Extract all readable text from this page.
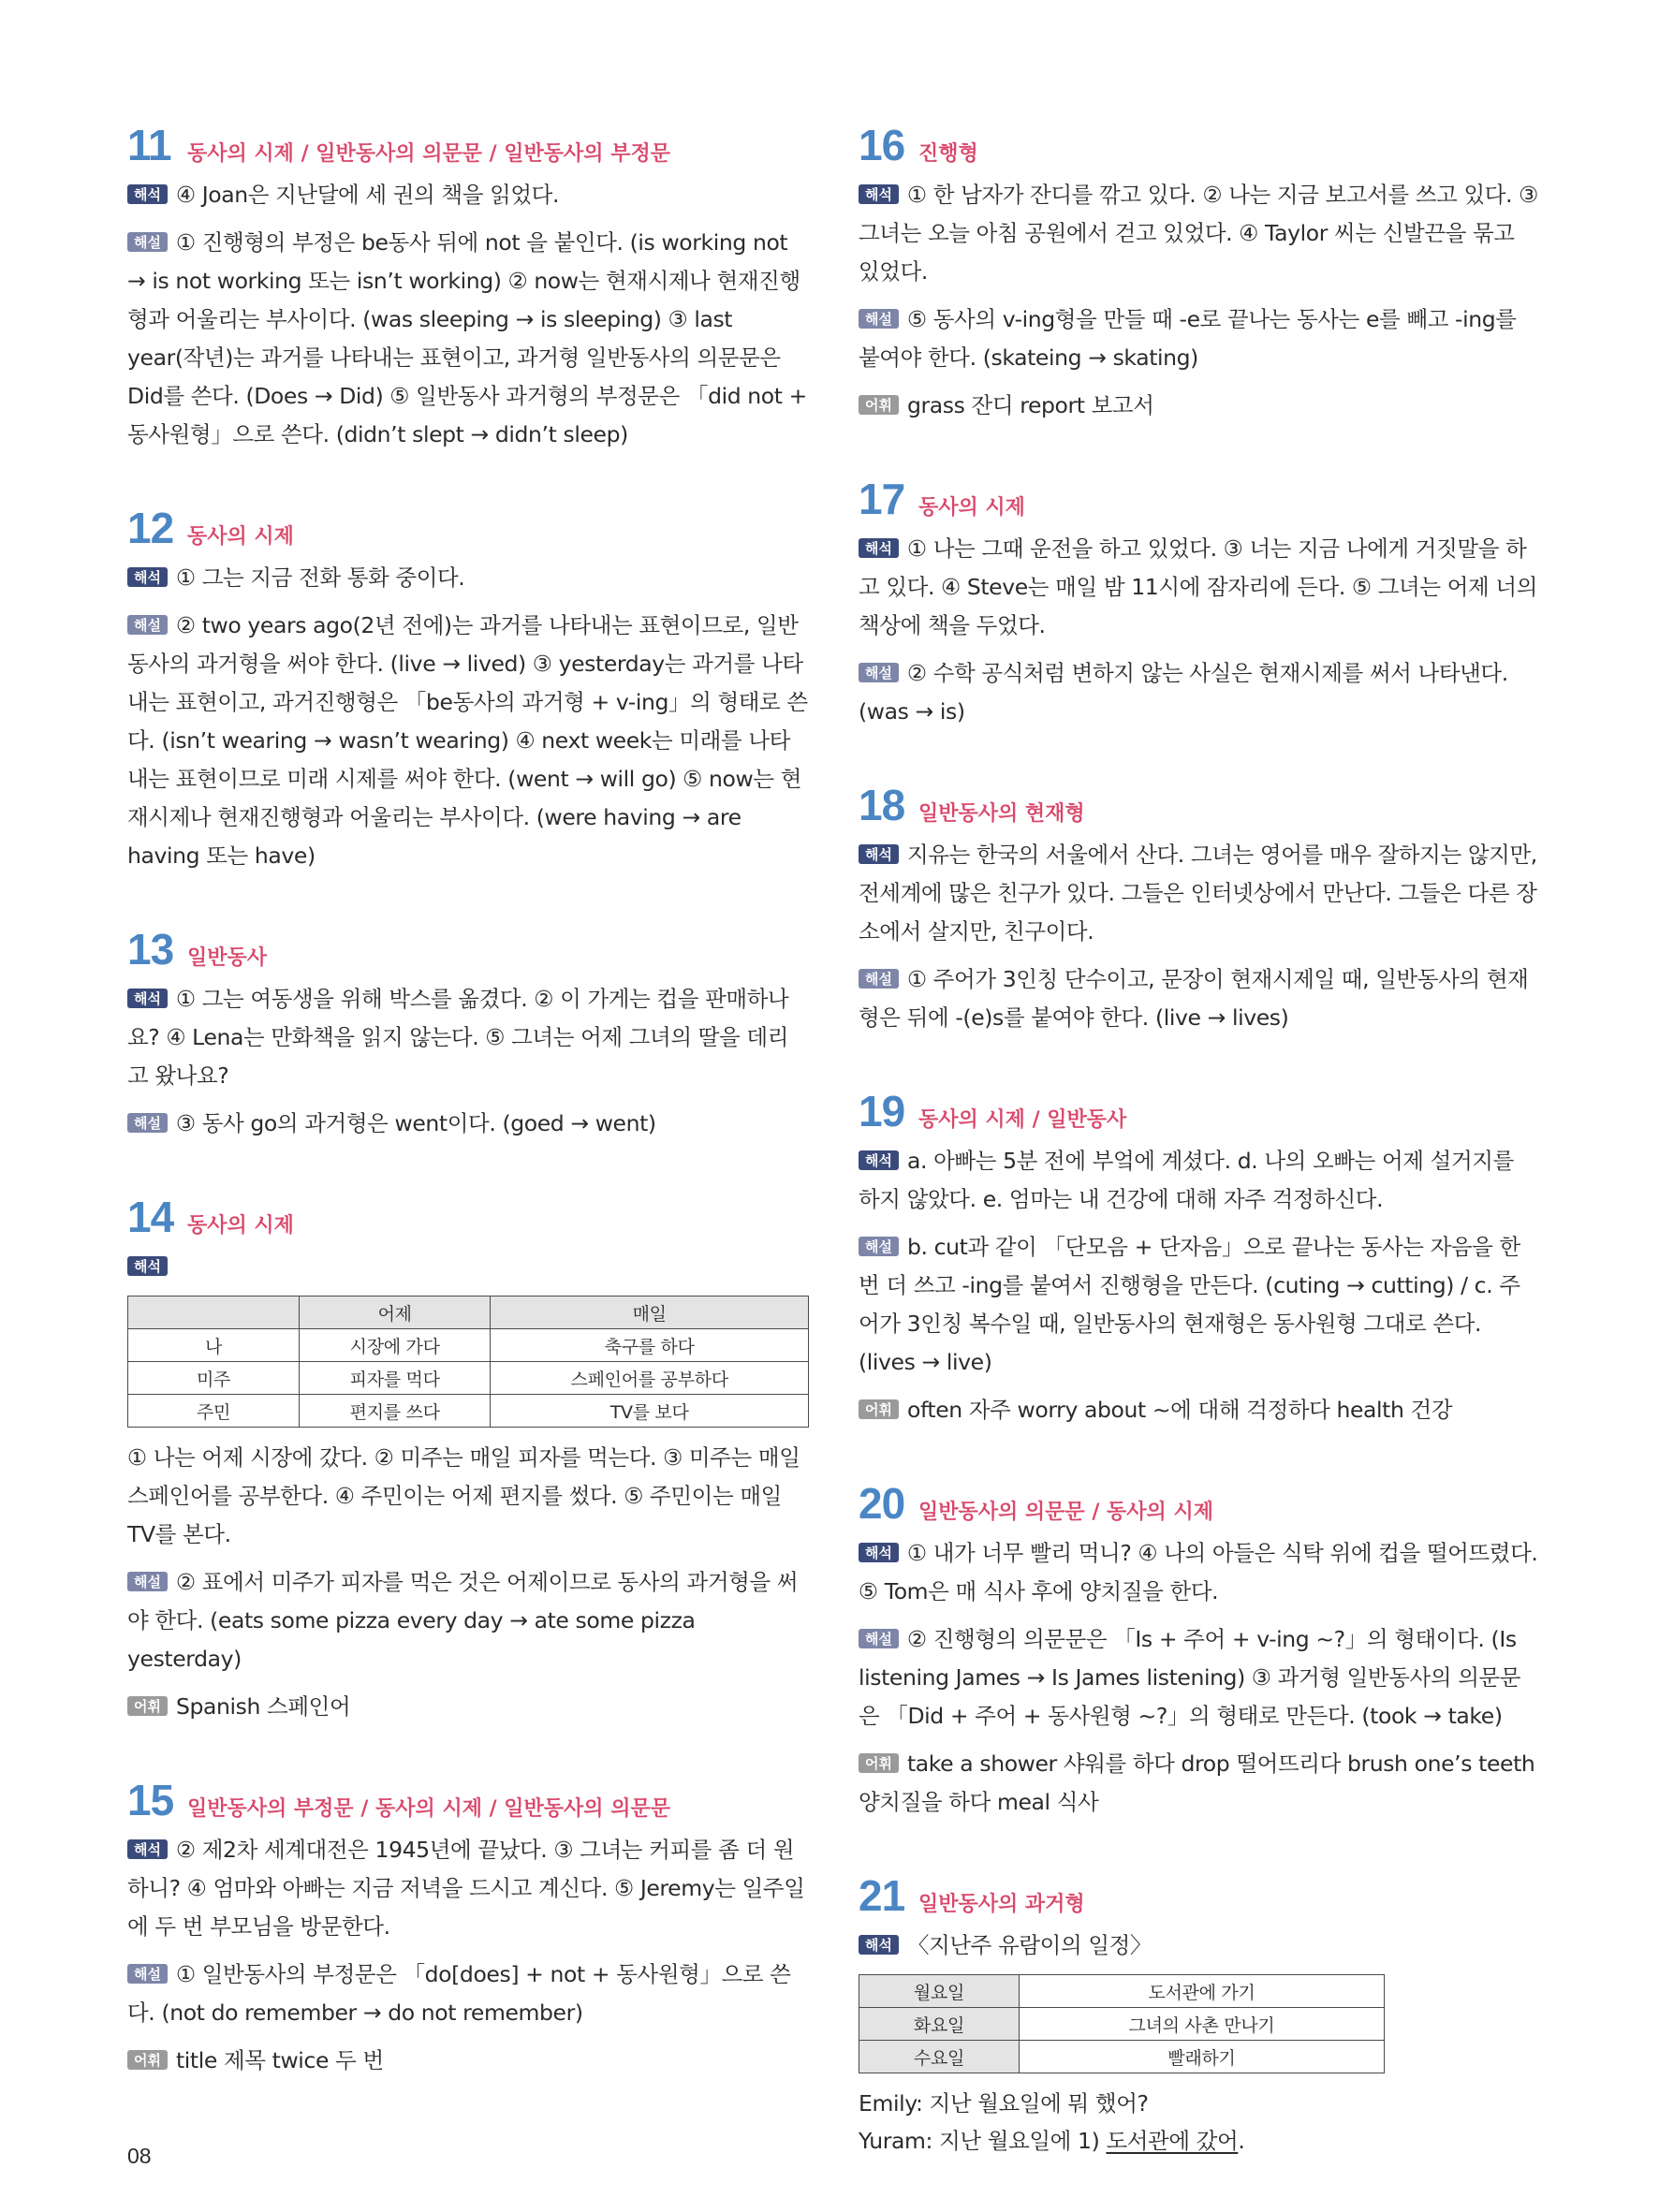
11 동사의 시제 / 일반동사의 의문문 / 일반동사의 부정문
해석 ④ Joan은 지난달에 세 권의 책을 읽었다.
해설 ① 진행형의 부정은 be동사 뒤에 not 을 붙인다. (is working not → is not working 또는 isn’t working) ② now는 현재시제나 현재진행형과 어울리는 부사이다. (was sleeping → is sleeping) ③ last year(작년)는 과거를 나타내는 표현이고, 과거형 일반동사의 의문문은 Did를 쓴다. (Does → Did) ⑤ 일반동사 과거형의 부정문은 「did not + 동사원형」으로 쓴다. (didn’t slept → didn’t sleep)
12 동사의 시제
해석 ① 그는 지금 전화 통화 중이다.
해설 ② two years ago(2년 전에)는 과거를 나타내는 표현이므로, 일반동사의 과거형을 써야 한다. (live → lived) ③ yesterday는 과거를 나타내는 표현이고, 과거진행형은 「be동사의 과거형 + v-ing」의 형태로 쓴다. (isn’t wearing → wasn’t wearing) ④ next week는 미래를 나타내는 표현이므로 미래 시제를 써야 한다. (went → will go) ⑤ now는 현재시제나 현재진행형과 어울리는 부사이다. (were having → are having 또는 have)
13 일반동사
해석 ① 그는 여동생을 위해 박스를 옮겼다. ② 이 가게는 컵을 판매하나요? ④ Lena는 만화책을 읽지 않는다. ⑤ 그녀는 어제 그녀의 딸을 데리고 왔나요?
해설 ③ 동사 go의 과거형은 went이다. (goed → went)
14 동사의 시제
해석
	어제	매일
나	시장에 가다	축구를 하다
미주	피자를 먹다	스페인어를 공부하다
주민	편지를 쓰다	TV를 보다
① 나는 어제 시장에 갔다. ② 미주는 매일 피자를 먹는다. ③ 미주는 매일 스페인어를 공부한다. ④ 주민이는 어제 편지를 썼다. ⑤ 주민이는 매일 TV를 본다.
해설 ② 표에서 미주가 피자를 먹은 것은 어제이므로 동사의 과거형을 써야 한다. (eats some pizza every day → ate some pizza yesterday)
어휘 Spanish 스페인어
15 일반동사의 부정문 / 동사의 시제 / 일반동사의 의문문
해석 ② 제2차 세계대전은 1945년에 끝났다. ③ 그녀는 커피를 좀 더 원하니? ④ 엄마와 아빠는 지금 저녁을 드시고 계신다. ⑤ Jeremy는 일주일에 두 번 부모님을 방문한다.
해설 ① 일반동사의 부정문은 「do[does] + not + 동사원형」으로 쓴다. (not do remember → do not remember)
어휘 title 제목 twice 두 번
16 진행형
해석 ① 한 남자가 잔디를 깎고 있다. ② 나는 지금 보고서를 쓰고 있다. ③ 그녀는 오늘 아침 공원에서 걷고 있었다. ④ Taylor 씨는 신발끈을 묶고 있었다.
해설 ⑤ 동사의 v-ing형을 만들 때 -e로 끝나는 동사는 e를 빼고 -ing를 붙여야 한다. (skateing → skating)
어휘 grass 잔디 report 보고서
17 동사의 시제
해석 ① 나는 그때 운전을 하고 있었다. ③ 너는 지금 나에게 거짓말을 하고 있다. ④ Steve는 매일 밤 11시에 잠자리에 든다. ⑤ 그녀는 어제 너의 책상에 책을 두었다.
해설 ② 수학 공식처럼 변하지 않는 사실은 현재시제를 써서 나타낸다. (was → is)
18 일반동사의 현재형
해석 지유는 한국의 서울에서 산다. 그녀는 영어를 매우 잘하지는 않지만, 전세계에 많은 친구가 있다. 그들은 인터넷상에서 만난다. 그들은 다른 장소에서 살지만, 친구이다.
해설 ① 주어가 3인칭 단수이고, 문장이 현재시제일 때, 일반동사의 현재형은 뒤에 -(e)s를 붙여야 한다. (live → lives)
19 동사의 시제 / 일반동사
해석 a. 아빠는 5분 전에 부엌에 계셨다. d. 나의 오빠는 어제 설거지를 하지 않았다. e. 엄마는 내 건강에 대해 자주 걱정하신다.
해설 b. cut과 같이 「단모음 + 단자음」으로 끝나는 동사는 자음을 한번 더 쓰고 -ing를 붙여서 진행형을 만든다. (cuting → cutting) / c. 주어가 3인칭 복수일 때, 일반동사의 현재형은 동사원형 그대로 쓴다. (lives → live)
어휘 often 자주 worry about ~에 대해 걱정하다 health 건강
20 일반동사의 의문문 / 동사의 시제
해석 ① 내가 너무 빨리 먹니? ④ 나의 아들은 식탁 위에 컵을 떨어뜨렸다. ⑤ Tom은 매 식사 후에 양치질을 한다.
해설 ② 진행형의 의문문은 「Is + 주어 + v-ing ~?」의 형태이다. (Is listening James → Is James listening) ③ 과거형 일반동사의 의문문은 「Did + 주어 + 동사원형 ~?」의 형태로 만든다. (took → take)
어휘 take a shower 샤워를 하다 drop 떨어뜨리다 brush one’s teeth 양치질을 하다 meal 식사
21 일반동사의 과거형
해석 〈지난주 유람이의 일정〉
월요일	도서관에 가기
화요일	그녀의 사촌 만나기
수요일	빨래하기
Emily: 지난 월요일에 뭐 했어?
Yuram: 지난 월요일에 1) 도서관에 갔어.
08
